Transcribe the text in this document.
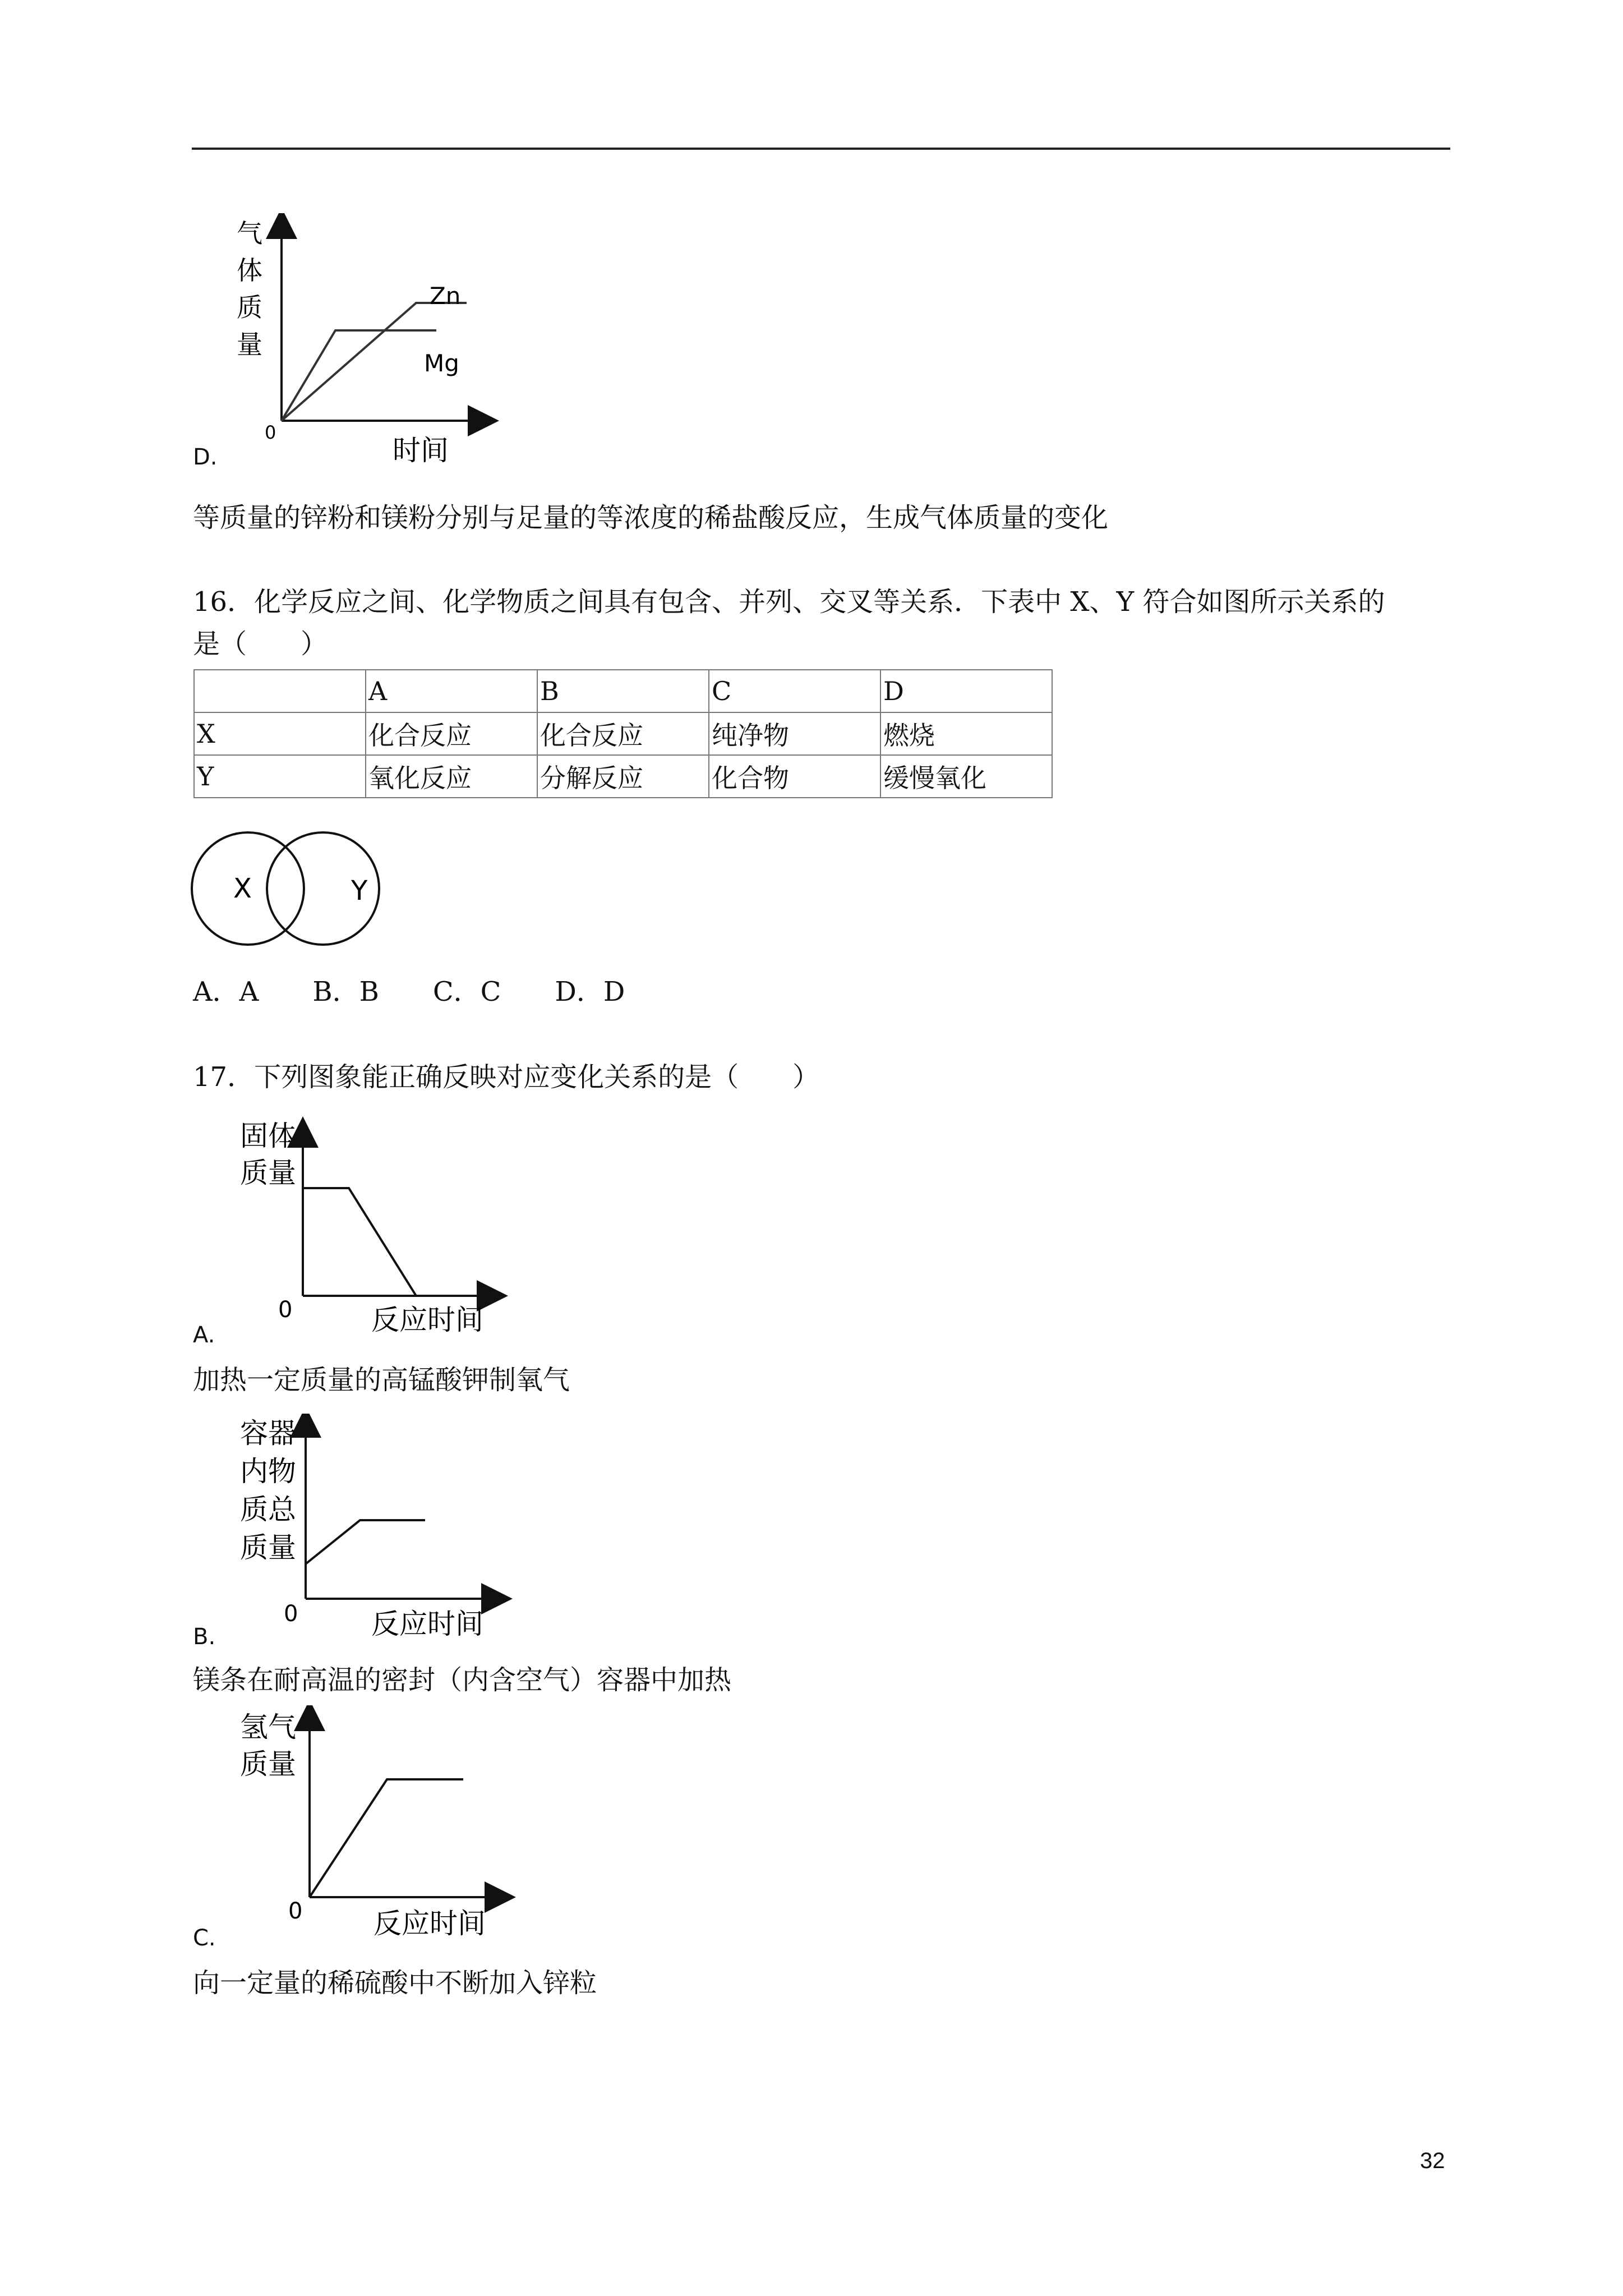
气
体
质
量
0
时间
Zn
Mg
D.
等质量的锌粉和镁粉分别与足量的等浓度的稀盐酸反应，生成气体质量的变化
16．化学反应之间、化学物质之间具有包含、并列、交叉等关系．下表中 X、Y 符合如图所示关系的
是（　　）
	A	B	C	D
X	化合反应	化合反应	纯净物	燃烧
Y	氧化反应	分解反应	化合物	缓慢氧化
X	Y
A．A　　B．B　　C．C　　D．D
17．下列图象能正确反映对应变化关系的是（　　）
固体
质量
0	反应时间
A.
加热一定质量的高锰酸钾制氧气
容器
内物
质总
质量
0	反应时间
B.
镁条在耐高温的密封（内含空气）容器中加热
氢气
质量
0	反应时间
C.
向一定量的稀硫酸中不断加入锌粒
32
